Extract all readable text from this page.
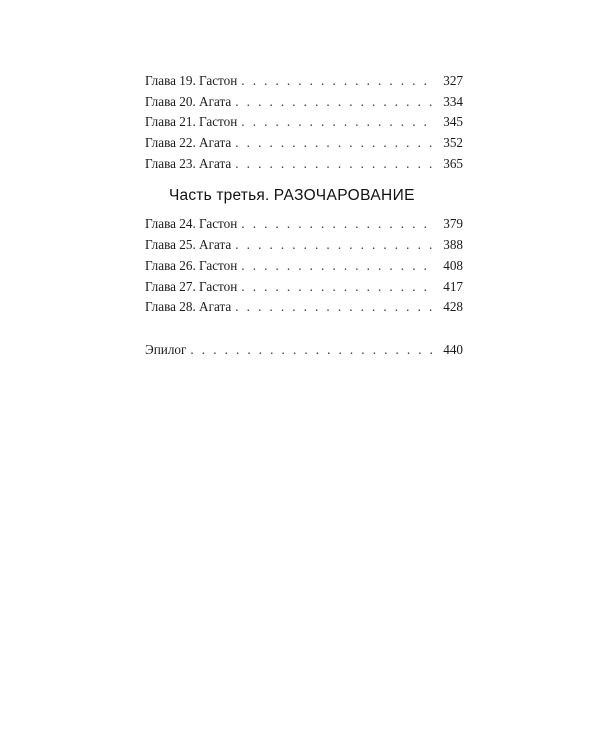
Глава 19. Гастон . . .	327
Глава 20. Агата . . .	334
Глава 21. Гастон . . .	345
Глава 22. Агата . . .	352
Глава 23. Агата . . .	365
Часть третья. РАЗОЧАРОВАНИЕ
Глава 24. Гастон . . .	379
Глава 25. Агата . . .	388
Глава 26. Гастон . . .	408
Глава 27. Гастон . . .	417
Глава 28. Агата . . .	428
Эпилог . . .	440
